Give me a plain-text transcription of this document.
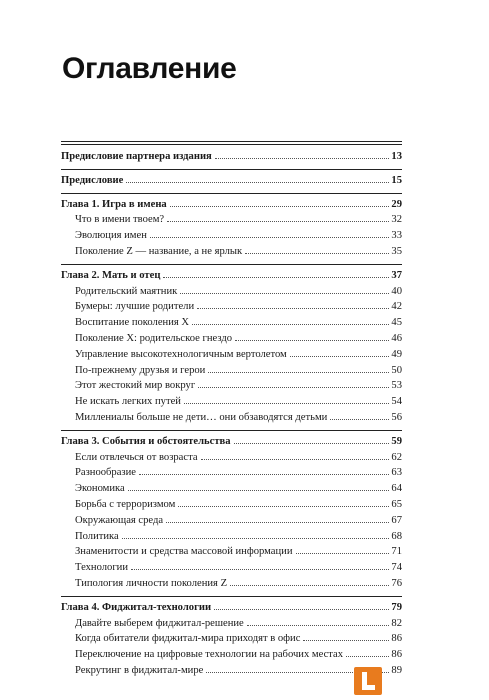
Оглавление
Предисловие партнера издания	13
Предисловие	15
Глава 1. Игра в имена	29
Что в имени твоем?	32
Эволюция имен	33
Поколение Z — название, а не ярлык	35
Глава 2. Мать и отец	37
Родительский маятник	40
Бумеры: лучшие родители	42
Воспитание поколения X	45
Поколение X: родительское гнездо	46
Управление высокотехнологичным вертолетом	49
По-прежнему друзья и герои	50
Этот жестокий мир вокруг	53
Не искать легких путей	54
Миллениалы больше не дети… они обзаводятся детьми	56
Глава 3. События и обстоятельства	59
Если отвлечься от возраста	62
Разнообразие	63
Экономика	64
Борьба с терроризмом	65
Окружающая среда	67
Политика	68
Знаменитости и средства массовой информации	71
Технологии	74
Типология личности поколения Z	76
Глава 4. Фиджитал-технологии	79
Давайте выберем фиджитал-решение	82
Когда обитатели фиджитал-мира приходят в офис	86
Переключение на цифровые технологии на рабочих местах	86
Рекрутинг в фиджитал-мире	89
